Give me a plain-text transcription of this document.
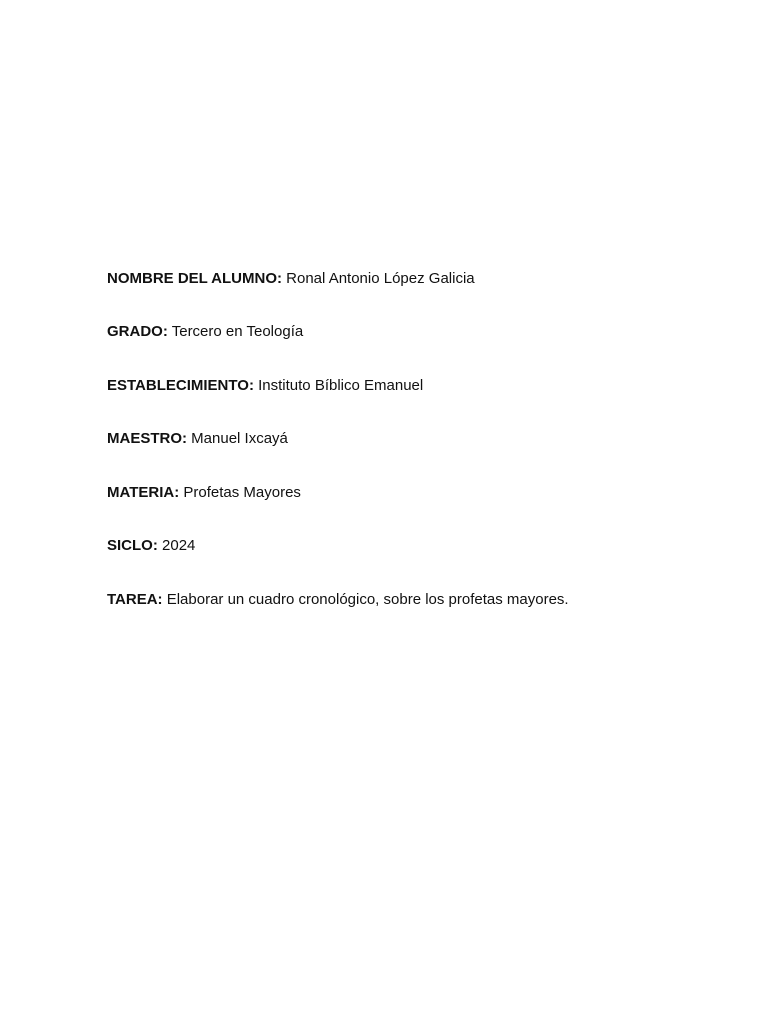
NOMBRE DEL ALUMNO: Ronal Antonio López Galicia
GRADO: Tercero en Teología
ESTABLECIMIENTO: Instituto Bíblico Emanuel
MAESTRO: Manuel Ixcayá
MATERIA: Profetas Mayores
SICLO: 2024
TAREA: Elaborar un cuadro cronológico, sobre los profetas mayores.
